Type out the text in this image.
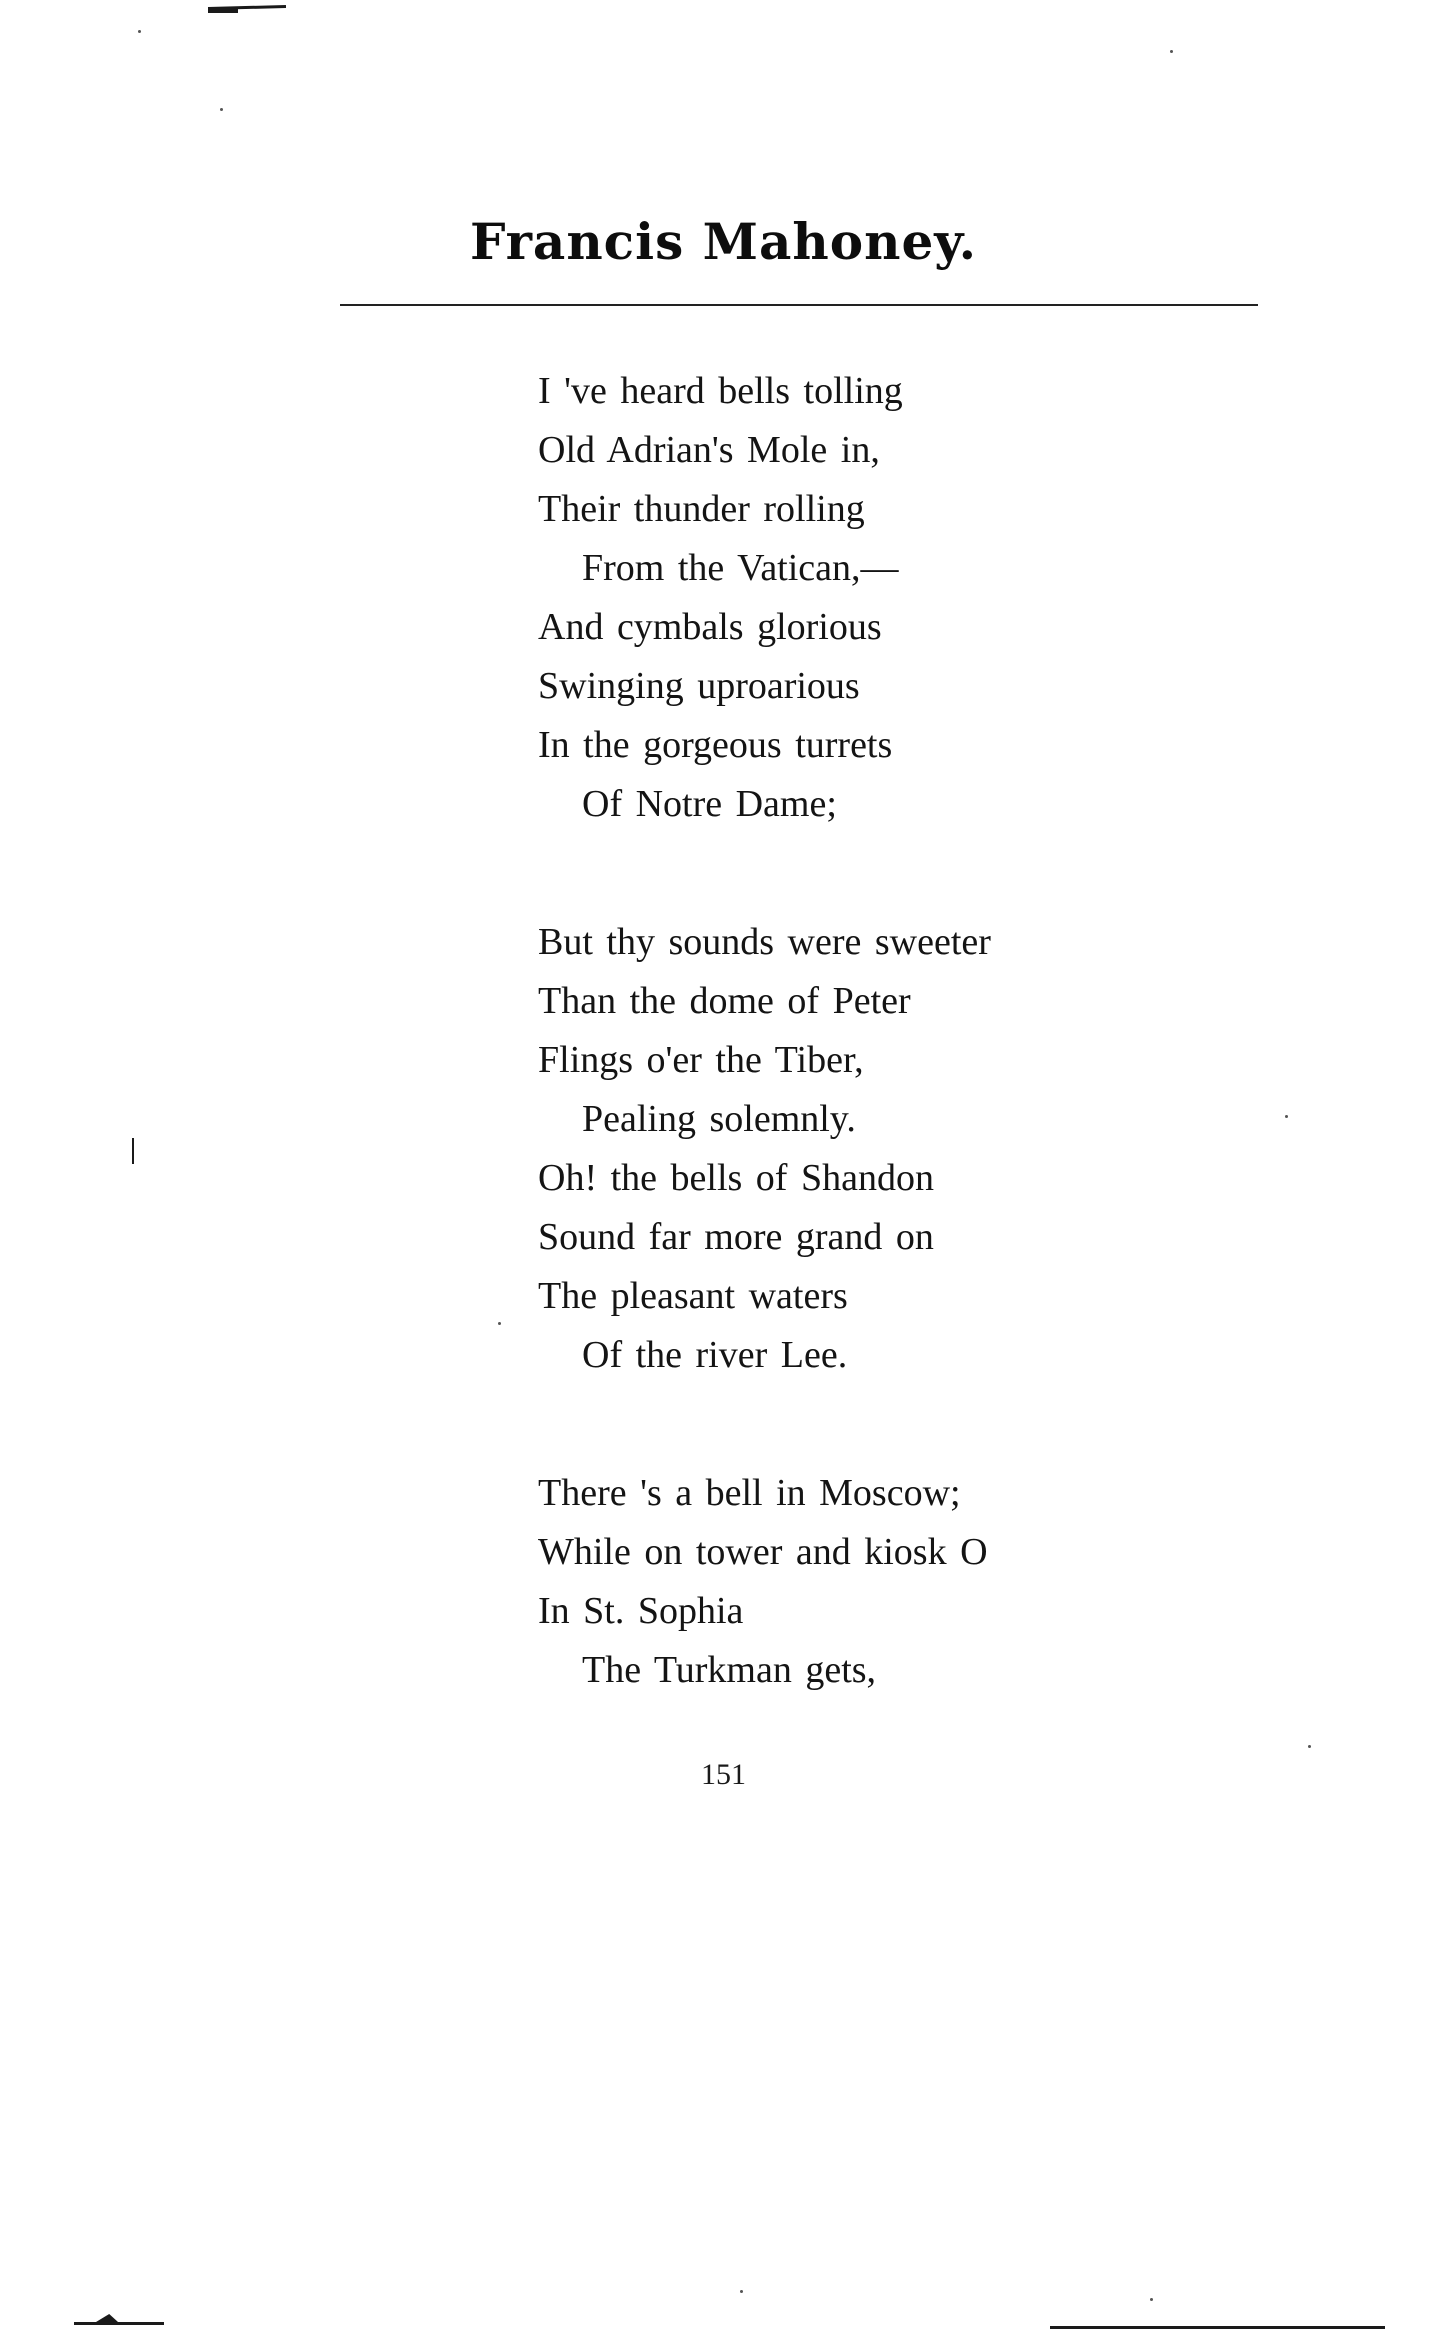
Francis Mahoney.
I 've heard bells tolling
Old Adrian's Mole in,
Their thunder rolling
From the Vatican,—
And cymbals glorious
Swinging uproarious
In the gorgeous turrets
Of Notre Dame;
But thy sounds were sweeter
Than the dome of Peter
Flings o'er the Tiber,
Pealing solemnly.
Oh! the bells of Shandon
Sound far more grand on
The pleasant waters
Of the river Lee.
There 's a bell in Moscow;
While on tower and kiosk O
In St. Sophia
The Turkman gets,
151
